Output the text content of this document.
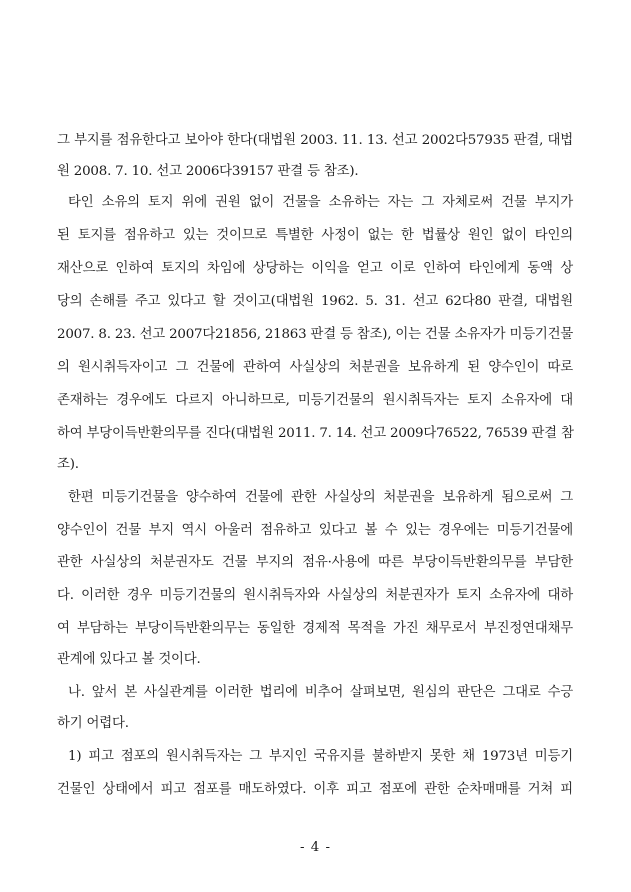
그 부지를 점유한다고 보아야 한다(대법원 2003. 11. 13. 선고 2002다57935 판결, 대법
원 2008. 7. 10. 선고 2006다39157 판결 등 참조).
타인 소유의 토지 위에 권원 없이 건물을 소유하는 자는 그 자체로써 건물 부지가
된 토지를 점유하고 있는 것이므로 특별한 사정이 없는 한 법률상 원인 없이 타인의
재산으로 인하여 토지의 차임에 상당하는 이익을 얻고 이로 인하여 타인에게 동액 상
당의 손해를 주고 있다고 할 것이고(대법원 1962. 5. 31. 선고 62다80 판결, 대법원
2007. 8. 23. 선고 2007다21856, 21863 판결 등 참조), 이는 건물 소유자가 미등기건물
의 원시취득자이고 그 건물에 관하여 사실상의 처분권을 보유하게 된 양수인이 따로
존재하는 경우에도 다르지 아니하므로, 미등기건물의 원시취득자는 토지 소유자에 대
하여 부당이득반환의무를 진다(대법원 2011. 7. 14. 선고 2009다76522, 76539 판결 참
조).
한편 미등기건물을 양수하여 건물에 관한 사실상의 처분권을 보유하게 됨으로써 그
양수인이 건물 부지 역시 아울러 점유하고 있다고 볼 수 있는 경우에는 미등기건물에
관한 사실상의 처분권자도 건물 부지의 점유·사용에 따른 부당이득반환의무를 부담한
다. 이러한 경우 미등기건물의 원시취득자와 사실상의 처분권자가 토지 소유자에 대하
여 부담하는 부당이득반환의무는 동일한 경제적 목적을 가진 채무로서 부진정연대채무
관계에 있다고 볼 것이다.
나. 앞서 본 사실관계를 이러한 법리에 비추어 살펴보면, 원심의 판단은 그대로 수긍
하기 어렵다.
1) 피고 점포의 원시취득자는 그 부지인 국유지를 불하받지 못한 채 1973년 미등기
건물인 상태에서 피고 점포를 매도하였다. 이후 피고 점포에 관한 순차매매를 거쳐 피
- 4 -
